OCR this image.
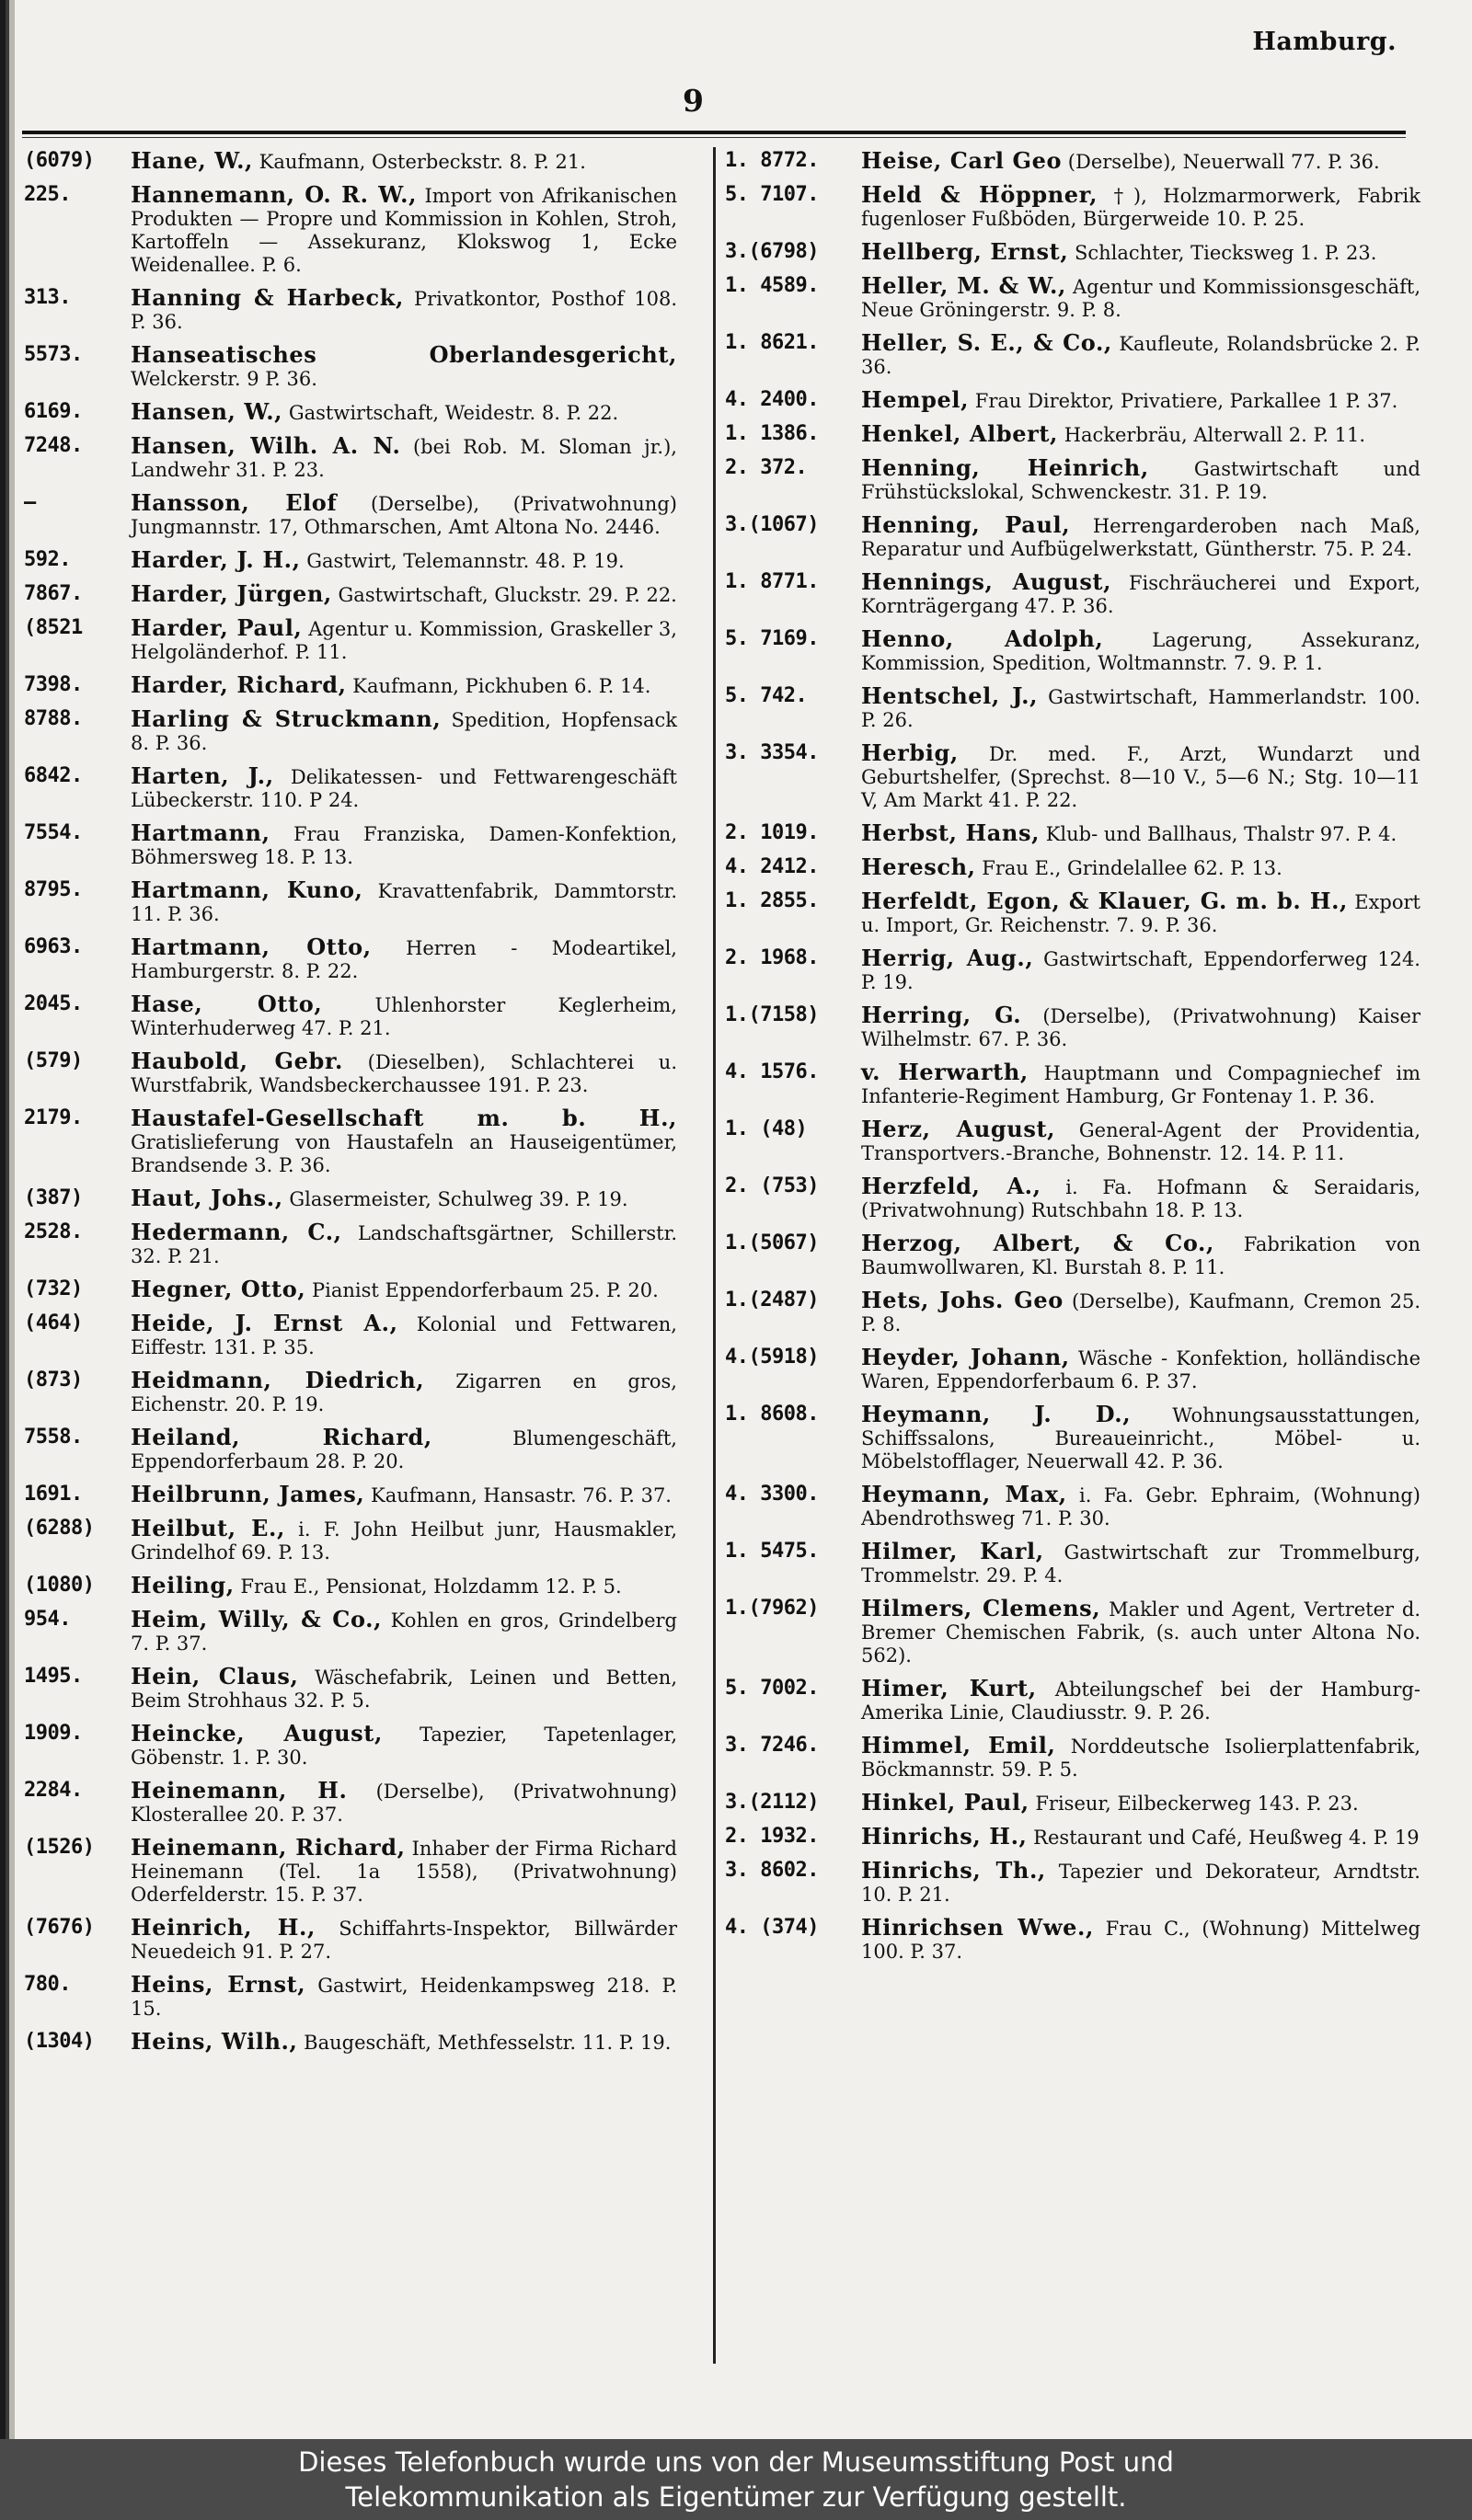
Hamburg.
9
(6079)	Hane, W., Kaufmann, Osterbeckstr. 8. P. 21.
225.	Hannemann, O. R. W., Import von Afrikanischen Produkten — Propre und Kommission in Kohlen, Stroh, Kartoffeln — Assekuranz, Klokswog 1, Ecke Weidenallee. P. 6.
313.	Hanning & Harbeck, Privatkontor, Posthof 108. P. 36.
5573.	Hanseatisches Oberlandesgericht, Welckerstr. 9 P. 36.
6169.	Hansen, W., Gastwirtschaft, Weidestr. 8. P. 22.
7248.	Hansen, Wilh. A. N. (bei Rob. M. Sloman jr.), Landwehr 31. P. 23.
—	Hansson, Elof (Derselbe), (Privatwohnung) Jungmannstr. 17, Othmarschen, Amt Altona No. 2446.
592.	Harder, J. H., Gastwirt, Telemannstr. 48. P. 19.
7867.	Harder, Jürgen, Gastwirtschaft, Gluckstr. 29. P. 22.
(8521	Harder, Paul, Agentur u. Kommission, Graskeller 3, Helgoländerhof. P. 11.
7398.	Harder, Richard, Kaufmann, Pickhuben 6. P. 14.
8788.	Harling & Struckmann, Spedition, Hopfensack 8. P. 36.
6842.	Harten, J., Delikatessen- und Fettwarengeschäft Lübeckerstr. 110. P 24.
7554.	Hartmann, Frau Franziska, Damen-Konfektion, Böhmersweg 18. P. 13.
8795.	Hartmann, Kuno, Kravattenfabrik, Dammtorstr. 11. P. 36.
6963.	Hartmann, Otto, Herren - Modeartikel, Hamburgerstr. 8. P. 22.
2045.	Hase, Otto,	Uhlenhorster Keglerheim, Winterhuderweg 47. P. 21.
(579)	Haubold, Gebr. (Dieselben), Schlachterei u. Wurstfabrik, Wandsbeckerchaussee 191. P. 23.
2179.	Haustafel-Gesellschaft m. b. H., Gratislieferung von Haustafeln an Hauseigentümer, Brandsende 3. P. 36.
(387)	Haut, Johs., Glasermeister, Schulweg 39. P. 19.
2528.	Hedermann, C., Landschaftsgärtner, Schillerstr. 32. P. 21.
(732)	Hegner, Otto, Pianist Eppendorferbaum 25. P. 20.
(464)	Heide, J. Ernst A., Kolonial und Fettwaren, Eiffestr. 131. P. 35.
(873)	Heidmann, Diedrich, Zigarren en gros, Eichenstr. 20. P. 19.
7558.	Heiland, Richard,	Blumengeschäft, Eppendorferbaum 28. P. 20.
1691.	Heilbrunn, James, Kaufmann, Hansastr. 76. P. 37.
(6288)	Heilbut, E., i. F. John Heilbut junr, Hausmakler, Grindelhof 69. P. 13.
(1080)	Heiling, Frau E., Pensionat, Holzdamm 12. P. 5.
954.	Heim, Willy, & Co., Kohlen en gros, Grindelberg 7. P. 37.
1495.	Hein, Claus, Wäschefabrik, Leinen und Betten, Beim Strohhaus 32. P. 5.
1909.	Heincke, August, Tapezier, Tapetenlager, Göbenstr. 1. P. 30.
2284.	Heinemann, H. (Derselbe), (Privatwohnung) Klosterallee 20. P. 37.
(1526)	Heinemann, Richard, Inhaber der Firma Richard Heinemann (Tel. 1a 1558), (Privatwohnung) Oderfelderstr. 15. P. 37.
(7676)	Heinrich, H., Schiffahrts-Inspektor, Billwärder Neuedeich 91. P. 27.
780.	Heins, Ernst, Gastwirt, Heidenkampsweg 218. P. 15.
(1304)	Heins, Wilh., Baugeschäft, Methfesselstr. 11. P. 19.
1. 8772.	Heise, Carl Geo (Derselbe), Neuerwall 77. P. 36.
5. 7107.	Held & Höppner, †), Holzmarmorwerk, Fabrik fugenloser Fußböden, Bürgerweide 10. P. 25.
3.(6798)	Hellberg, Ernst, Schlachter, Tiecksweg 1. P. 23.
1. 4589.	Heller, M. & W., Agentur und Kommissionsgeschäft, Neue Gröningerstr. 9. P. 8.
1. 8621.	Heller, S. E., & Co., Kaufleute, Rolandsbrücke 2. P. 36.
4. 2400.	Hempel, Frau Direktor, Privatiere, Parkallee 1 P. 37.
1. 1386.	Henkel, Albert, Hackerbräu, Alterwall 2. P. 11.
2. 372.	Henning, Heinrich, Gastwirtschaft und Frühstückslokal, Schwenckestr. 31. P. 19.
3.(1067)	Henning, Paul, Herrengarderoben nach Maß, Reparatur und Aufbügelwerkstatt, Güntherstr. 75. P. 24.
1. 8771.	Hennings, August, Fischräucherei und Export, Kornträgergang 47. P. 36.
5. 7169.	Henno, Adolph,	Lagerung, Assekuranz, Kommission, Spedition, Woltmannstr. 7. 9. P. 1.
5. 742.	Hentschel, J., Gastwirtschaft, Hammerlandstr. 100. P. 26.
3. 3354.	Herbig, Dr. med. F., Arzt, Wundarzt und Geburtshelfer, (Sprechst. 8—10 V., 5—6 N.; Stg. 10—11 V, Am Markt 41. P. 22.
2. 1019.	Herbst, Hans, Klub- und Ballhaus, Thalstr 97. P. 4.
4. 2412.	Heresch, Frau E., Grindelallee 62. P. 13.
1. 2855.	Herfeldt, Egon, & Klauer, G. m. b. H., Export u. Import, Gr. Reichenstr. 7. 9. P. 36.
2. 1968.	Herrig, Aug., Gastwirtschaft, Eppendorferweg 124. P. 19.
1.(7158)	Herring, G. (Derselbe), (Privatwohnung) Kaiser Wilhelmstr. 67. P. 36.
4. 1576.	v. Herwarth, Hauptmann und Compagniechef im Infanterie-Regiment Hamburg, Gr Fontenay 1. P. 36.
1. (48)	Herz, August, General-Agent der Providentia, Transportvers.-Branche, Bohnenstr. 12. 14. P. 11.
2. (753)	Herzfeld, A., i. Fa. Hofmann & Seraidaris, (Privatwohnung) Rutschbahn 18. P. 13.
1.(5067)	Herzog, Albert, & Co., Fabrikation von Baumwollwaren, Kl. Burstah 8. P. 11.
1.(2487)	Hets, Johs. Geo (Derselbe), Kaufmann, Cremon 25. P. 8.
4.(5918)	Heyder, Johann, Wäsche - Konfektion, holländische Waren, Eppendorferbaum 6. P. 37.
1. 8608.	Heymann, J. D., Wohnungsausstattungen, Schiffssalons, Bureaueinricht., Möbel- u. Möbelstofflager, Neuerwall 42. P. 36.
4. 3300.	Heymann, Max, i. Fa. Gebr. Ephraim, (Wohnung) Abendrothsweg 71. P. 30.
1. 5475.	Hilmer, Karl, Gastwirtschaft zur Trommelburg, Trommelstr. 29. P. 4.
1.(7962)	Hilmers, Clemens, Makler und Agent, Vertreter d. Bremer Chemischen Fabrik, (s. auch unter Altona No. 562).
5. 7002.	Himer, Kurt, Abteilungschef bei der Hamburg-Amerika Linie, Claudiusstr. 9. P. 26.
3. 7246.	Himmel, Emil, Norddeutsche Isolierplattenfabrik, Böckmannstr. 59. P. 5.
3.(2112)	Hinkel, Paul, Friseur, Eilbeckerweg 143. P. 23.
2. 1932.	Hinrichs, H., Restaurant und Café, Heußweg 4. P. 19
3. 8602.	Hinrichs, Th., Tapezier und Dekorateur, Arndtstr. 10. P. 21.
4. (374)	Hinrichsen Wwe., Frau C., (Wohnung) Mittelweg 100. P. 37.
Dieses Telefonbuch wurde uns von der Museumsstiftung Post und
Telekommunikation als Eigentümer zur Verfügung gestellt.
